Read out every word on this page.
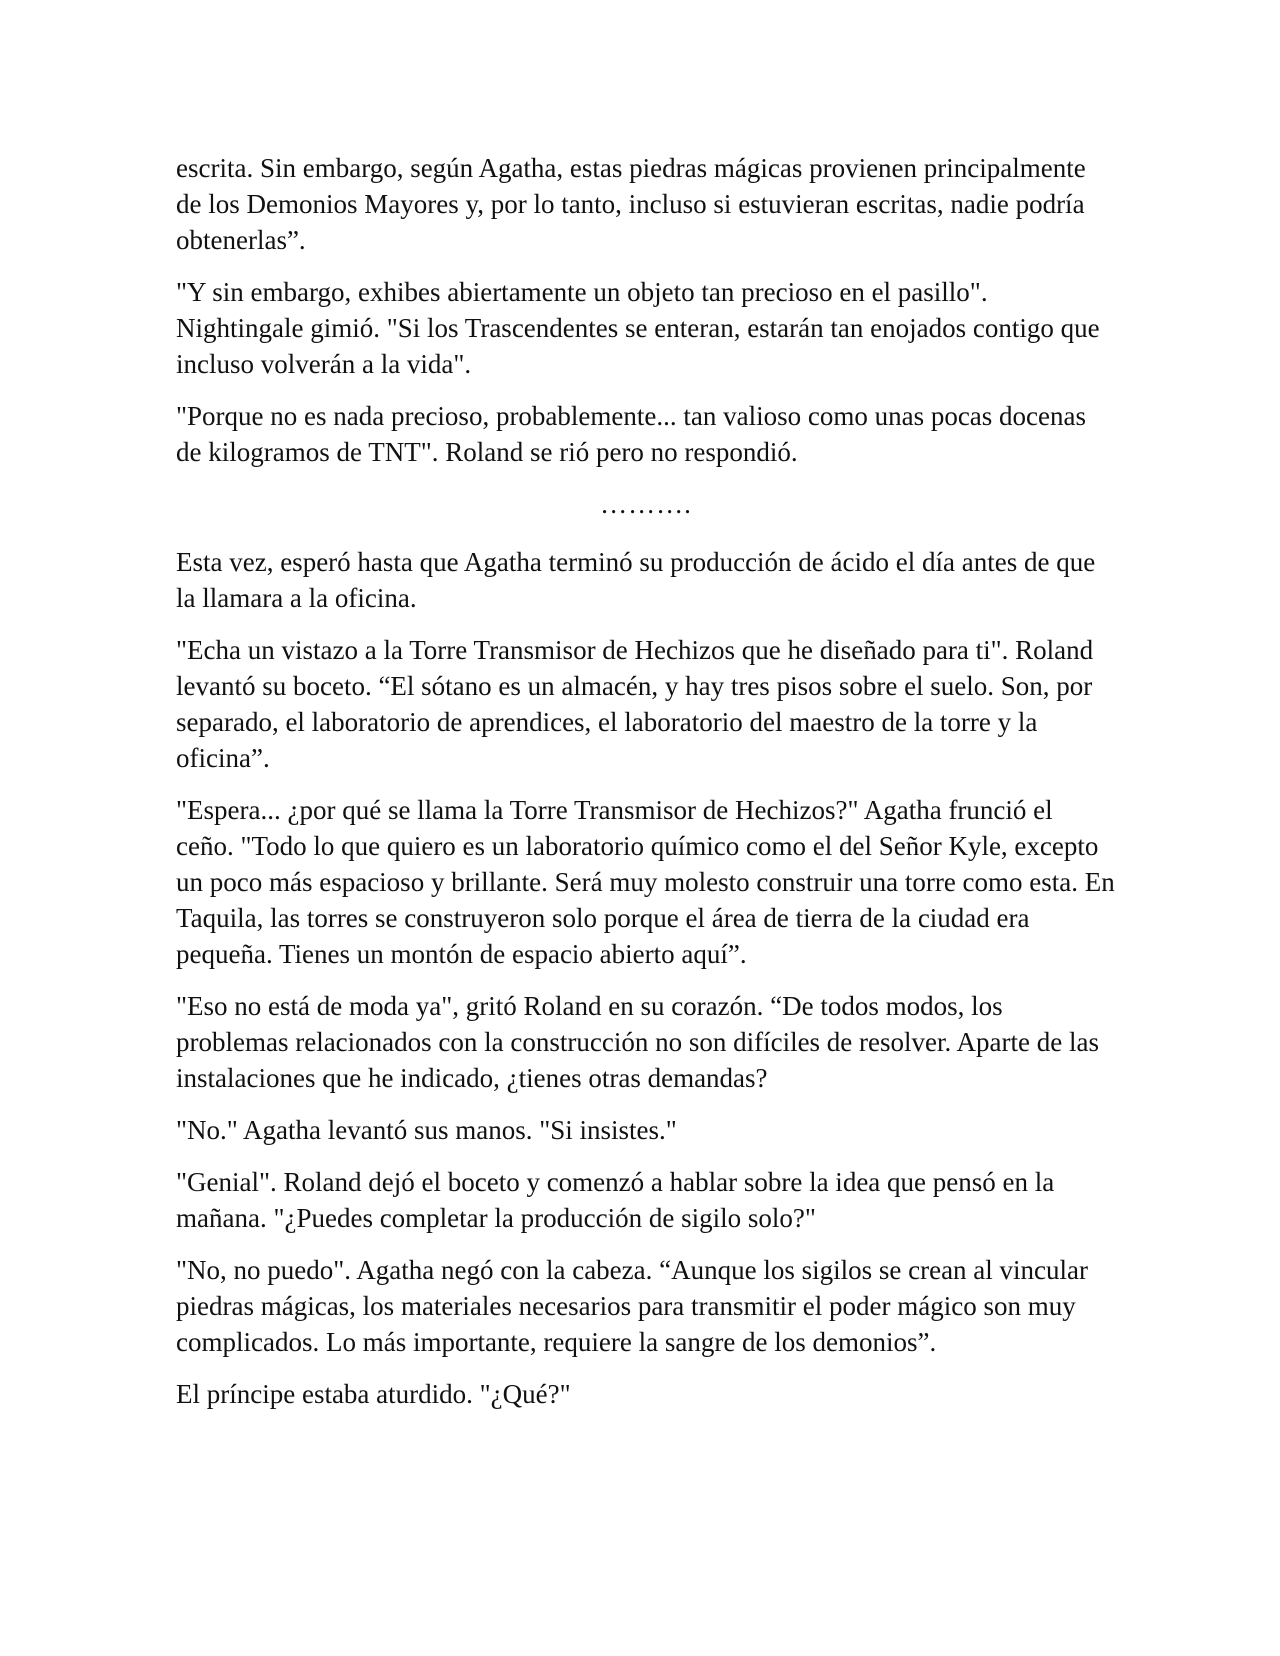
escrita. Sin embargo, según Agatha, estas piedras mágicas provienen principalmente de los Demonios Mayores y, por lo tanto, incluso si estuvieran escritas, nadie podría obtenerlas”.

"Y sin embargo, exhibes abiertamente un objeto tan precioso en el pasillo". Nightingale gimió. "Si los Trascendentes se enteran, estarán tan enojados contigo que incluso volverán a la vida".

"Porque no es nada precioso, probablemente... tan valioso como unas pocas docenas de kilogramos de TNT". Roland se rió pero no respondió.

……….

Esta vez, esperó hasta que Agatha terminó su producción de ácido el día antes de que la llamara a la oficina.

"Echa un vistazo a la Torre Transmisor de Hechizos que he diseñado para ti". Roland levantó su boceto. “El sótano es un almacén, y hay tres pisos sobre el suelo. Son, por separado, el laboratorio de aprendices, el laboratorio del maestro de la torre y la oficina”.

"Espera... ¿por qué se llama la Torre Transmisor de Hechizos?" Agatha frunció el ceño. "Todo lo que quiero es un laboratorio químico como el del Señor Kyle, excepto un poco más espacioso y brillante. Será muy molesto construir una torre como esta. En Taquila, las torres se construyeron solo porque el área de tierra de la ciudad era pequeña. Tienes un montón de espacio abierto aquí”.

"Eso no está de moda ya", gritó Roland en su corazón. “De todos modos, los problemas relacionados con la construcción no son difíciles de resolver. Aparte de las instalaciones que he indicado, ¿tienes otras demandas?

"No." Agatha levantó sus manos. "Si insistes."

"Genial". Roland dejó el boceto y comenzó a hablar sobre la idea que pensó en la mañana. "¿Puedes completar la producción de sigilo solo?"

"No, no puedo". Agatha negó con la cabeza. “Aunque los sigilos se crean al vincular piedras mágicas, los materiales necesarios para transmitir el poder mágico son muy complicados. Lo más importante, requiere la sangre de los demonios”.

El príncipe estaba aturdido. "¿Qué?"
